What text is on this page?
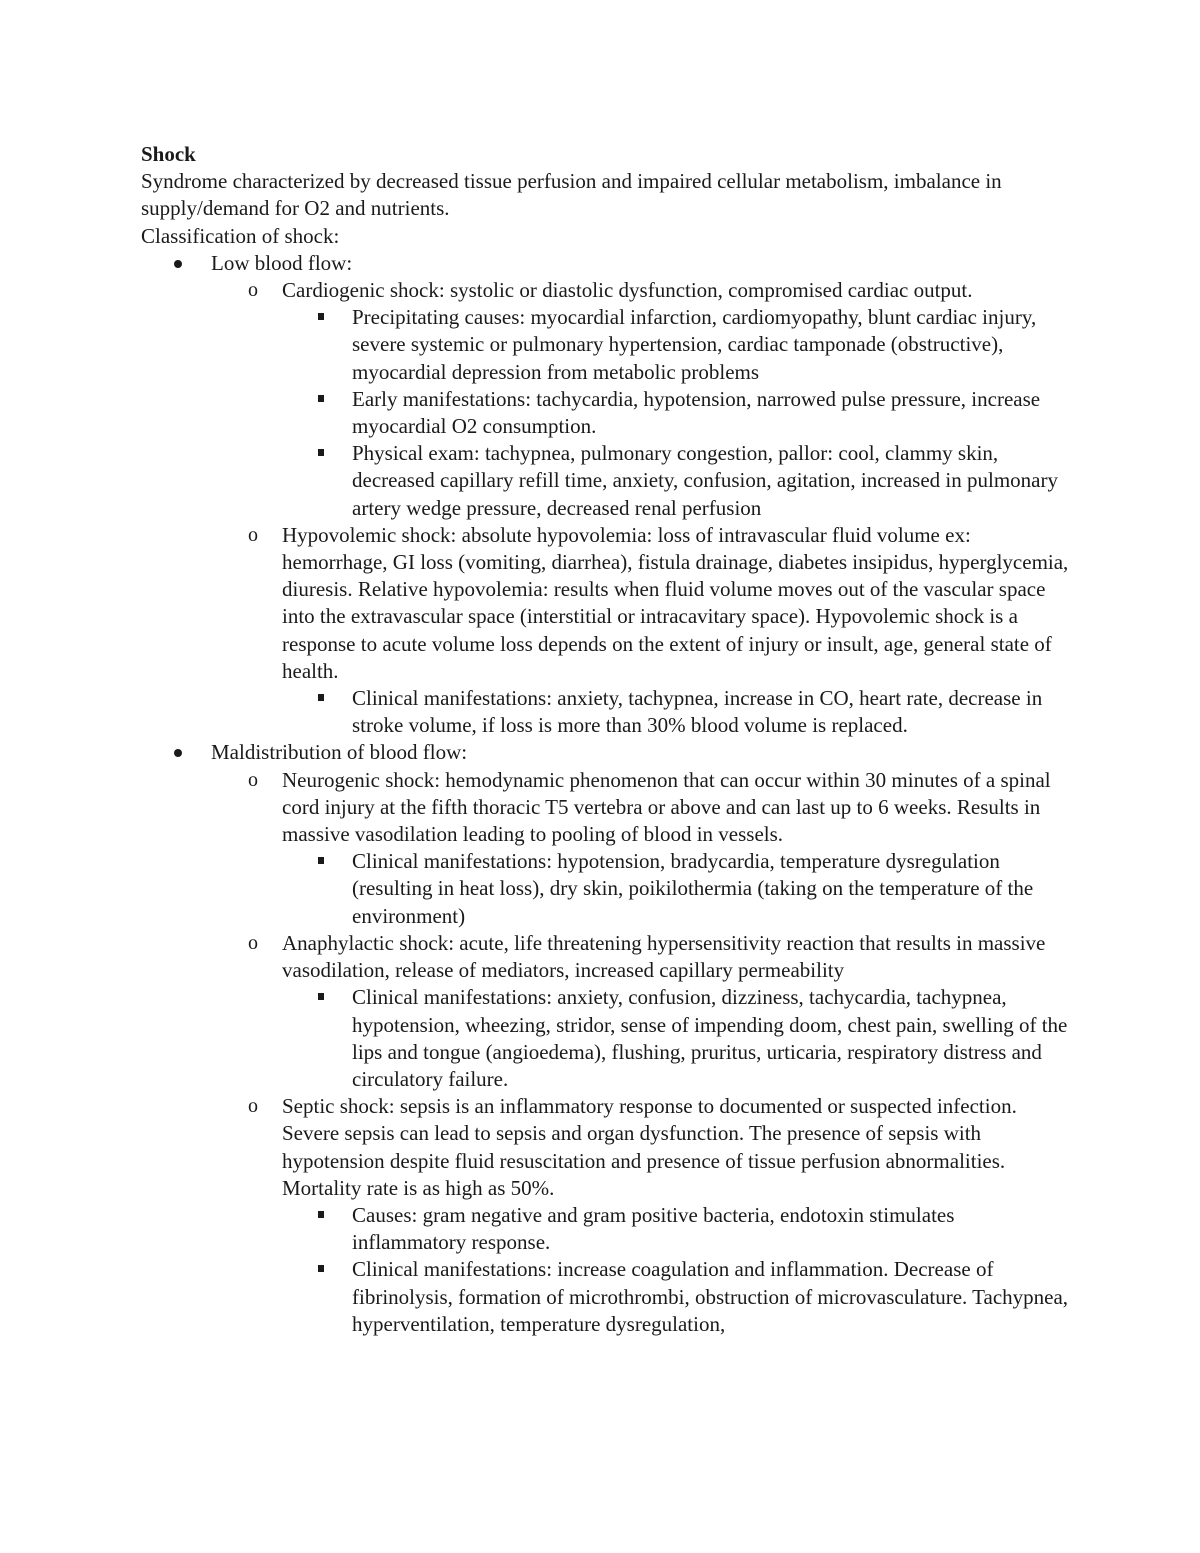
Shock

Syndrome characterized by decreased tissue perfusion and impaired cellular metabolism, imbalance in supply/demand for O2 and nutrients.

Classification of shock:

Low blood flow:
o Cardiogenic shock: systolic or diastolic dysfunction, compromised cardiac output.
Precipitating causes: myocardial infarction, cardiomyopathy, blunt cardiac injury, severe systemic or pulmonary hypertension, cardiac tamponade (obstructive), myocardial depression from metabolic problems
Early manifestations: tachycardia, hypotension, narrowed pulse pressure, increase myocardial O2 consumption.
Physical exam: tachypnea, pulmonary congestion, pallor: cool, clammy skin, decreased capillary refill time, anxiety, confusion, agitation, increased in pulmonary artery wedge pressure, decreased renal perfusion
o Hypovolemic shock: absolute hypovolemia: loss of intravascular fluid volume ex: hemorrhage, GI loss (vomiting, diarrhea), fistula drainage, diabetes insipidus, hyperglycemia, diuresis. Relative hypovolemia: results when fluid volume moves out of the vascular space into the extravascular space (interstitial or intracavitary space). Hypovolemic shock is a response to acute volume loss depends on the extent of injury or insult, age, general state of health.
Clinical manifestations: anxiety, tachypnea, increase in CO, heart rate, decrease in stroke volume, if loss is more than 30% blood volume is replaced.
Maldistribution of blood flow:
o Neurogenic shock: hemodynamic phenomenon that can occur within 30 minutes of a spinal cord injury at the fifth thoracic T5 vertebra or above and can last up to 6 weeks. Results in massive vasodilation leading to pooling of blood in vessels.
Clinical manifestations: hypotension, bradycardia, temperature dysregulation (resulting in heat loss), dry skin, poikilothermia (taking on the temperature of the environment)
o Anaphylactic shock: acute, life threatening hypersensitivity reaction that results in massive vasodilation, release of mediators, increased capillary permeability
Clinical manifestations: anxiety, confusion, dizziness, tachycardia, tachypnea, hypotension, wheezing, stridor, sense of impending doom, chest pain, swelling of the lips and tongue (angioedema), flushing, pruritus, urticaria, respiratory distress and circulatory failure.
o Septic shock: sepsis is an inflammatory response to documented or suspected infection. Severe sepsis can lead to sepsis and organ dysfunction. The presence of sepsis with hypotension despite fluid resuscitation and presence of tissue perfusion abnormalities. Mortality rate is as high as 50%.
Causes: gram negative and gram positive bacteria, endotoxin stimulates inflammatory response.
Clinical manifestations: increase coagulation and inflammation. Decrease of fibrinolysis, formation of microthrombi, obstruction of microvasculature. Tachypnea, hyperventilation, temperature dysregulation,
